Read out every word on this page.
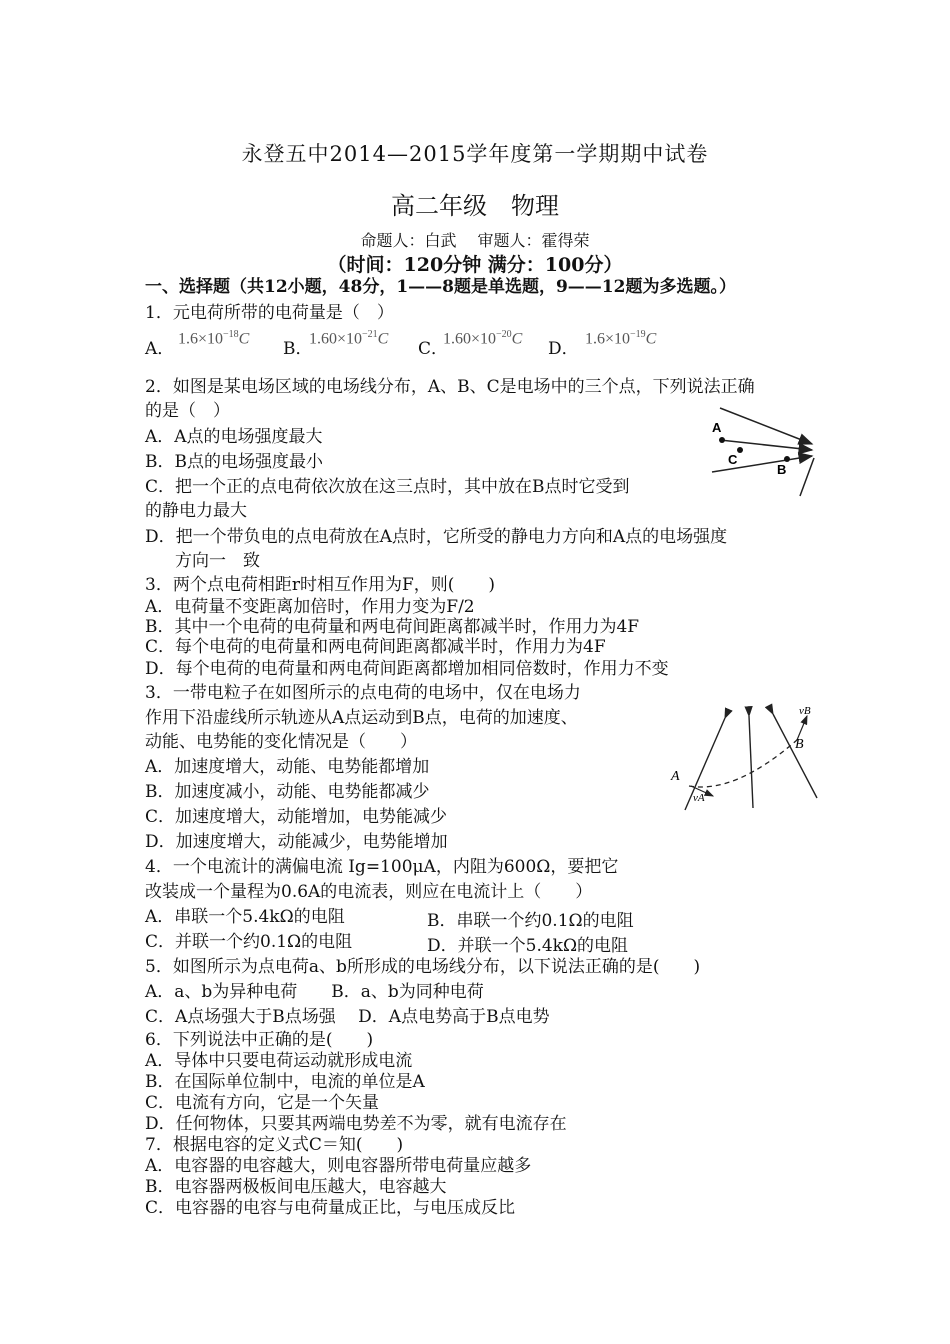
永登五中2014—2015学年度第一学期期中试卷
高二年级　物理
命题人：白武　 审题人：霍得荣
（时间：120分钟 满分：100分）
一、选择题（共12小题，48分，1——8题是单选题，9——12题为多选题。）
1．元电荷所带的电荷量是（　）
A．
$1.6\times 10^{-18}C$
B．
$1.60\times 10^{-21}C$
C．
$1.60\times 10^{-20}C$
D．
$1.6\times 10^{-19}C$
2．如图是某电场区域的电场线分布，A、B、C是电场中的三个点，下列说法正确
的是（　）
A．A点的电场强度最大
B．B点的电场强度最小
C．把一个正的点电荷依次放在这三点时，其中放在B点时它受到
的静电力最大
D．把一个带负电的点电荷放在A点时，它所受的静电力方向和A点的电场强度
方向一　致
A
B
C
3．两个点电荷相距r时相互作用为F，则(　　)
A．电荷量不变距离加倍时，作用力变为F/2
B．其中一个电荷的电荷量和两电荷间距离都减半时，作用力为4F
C．每个电荷的电荷量和两电荷间距离都减半时，作用力为4F
D．每个电荷的电荷量和两电荷间距离都增加相同倍数时，作用力不变
3．一带电粒子在如图所示的点电荷的电场中，仅在电场力
作用下沿虚线所示轨迹从A点运动到B点，电荷的加速度、
动能、电势能的变化情况是（　　）
A．加速度增大，动能、电势能都增加
B．加速度减小，动能、电势能都减少
C．加速度增大，动能增加，电势能减少
D．加速度增大，动能减少，电势能增加
A
B
vA
vB
4．一个电流计的满偏电流 Ig=100μA，内阻为600Ω，要把它
改装成一个量程为0.6A的电流表，则应在电流计上（　　）
A．串联一个5.4kΩ的电阻	B．串联一个约0.1Ω的电阻
C．并联一个约0.1Ω的电阻	D．并联一个5.4kΩ的电阻
5．如图所示为点电荷a、b所形成的电场线分布，以下说法正确的是(　　)
A．a、b为异种电荷　　B．a、b为同种电荷
C．A点场强大于B点场强　 D．A点电势高于B点电势
6．下列说法中正确的是(　　)
A．导体中只要电荷运动就形成电流
B．在国际单位制中，电流的单位是A
C．电流有方向，它是一个矢量
D．任何物体，只要其两端电势差不为零，就有电流存在
7．根据电容的定义式C＝知(　　)
A．电容器的电容越大，则电容器所带电荷量应越多
B．电容器两极板间电压越大，电容越大
C．电容器的电容与电荷量成正比，与电压成反比
